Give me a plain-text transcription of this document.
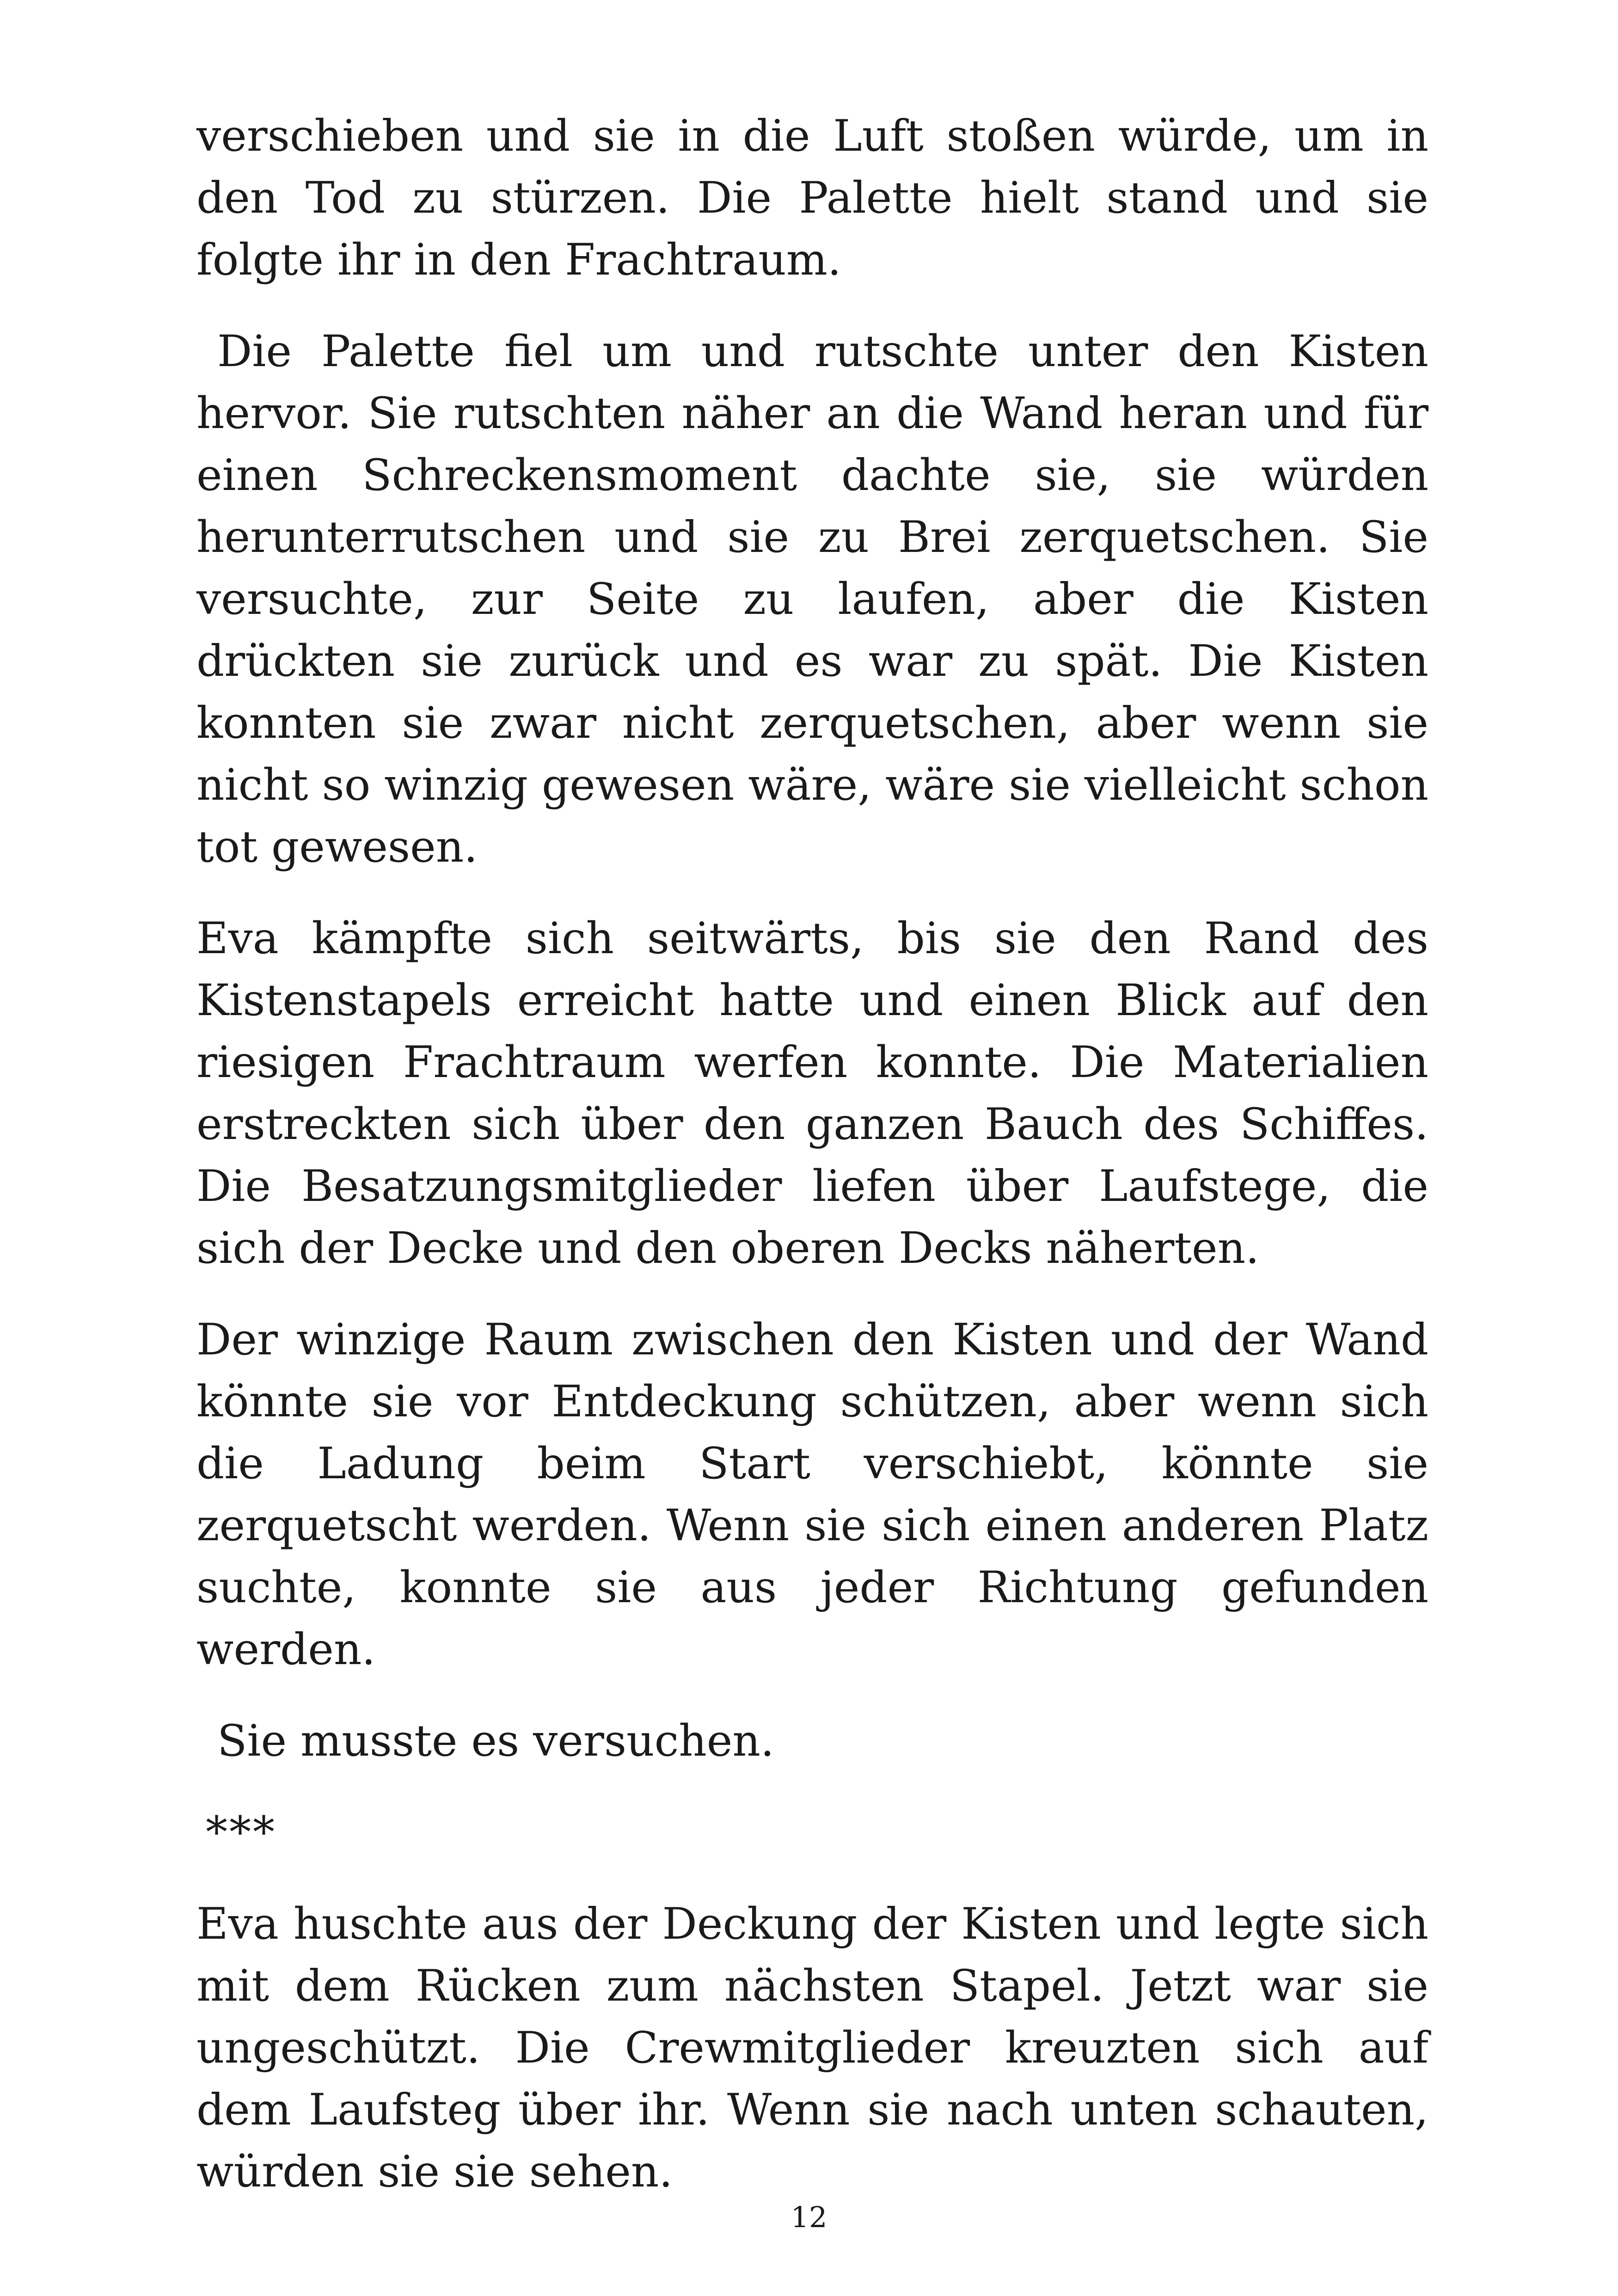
verschieben und sie in die Luft stoßen würde, um in den Tod zu stürzen. Die Palette hielt stand und sie folgte ihr in den Frachtraum.

Die Palette fiel um und rutschte unter den Kisten hervor. Sie rutschten näher an die Wand heran und für einen Schreckensmoment dachte sie, sie würden herunterrutschen und sie zu Brei zerquetschen. Sie versuchte, zur Seite zu laufen, aber die Kisten drückten sie zurück und es war zu spät. Die Kisten konnten sie zwar nicht zerquetschen, aber wenn sie nicht so winzig gewesen wäre, wäre sie vielleicht schon tot gewesen.

Eva kämpfte sich seitwärts, bis sie den Rand des Kistenstapels erreicht hatte und einen Blick auf den riesigen Frachtraum werfen konnte. Die Materialien erstreckten sich über den ganzen Bauch des Schiffes. Die Besatzungsmitglieder liefen über Laufstege, die sich der Decke und den oberen Decks näherten.

Der winzige Raum zwischen den Kisten und der Wand könnte sie vor Entdeckung schützen, aber wenn sich die Ladung beim Start verschiebt, könnte sie zerquetscht werden. Wenn sie sich einen anderen Platz suchte, konnte sie aus jeder Richtung gefunden werden.

Sie musste es versuchen.

***

Eva huschte aus der Deckung der Kisten und legte sich mit dem Rücken zum nächsten Stapel. Jetzt war sie ungeschützt. Die Crewmitglieder kreuzten sich auf dem Laufsteg über ihr. Wenn sie nach unten schauten, würden sie sie sehen.

12
